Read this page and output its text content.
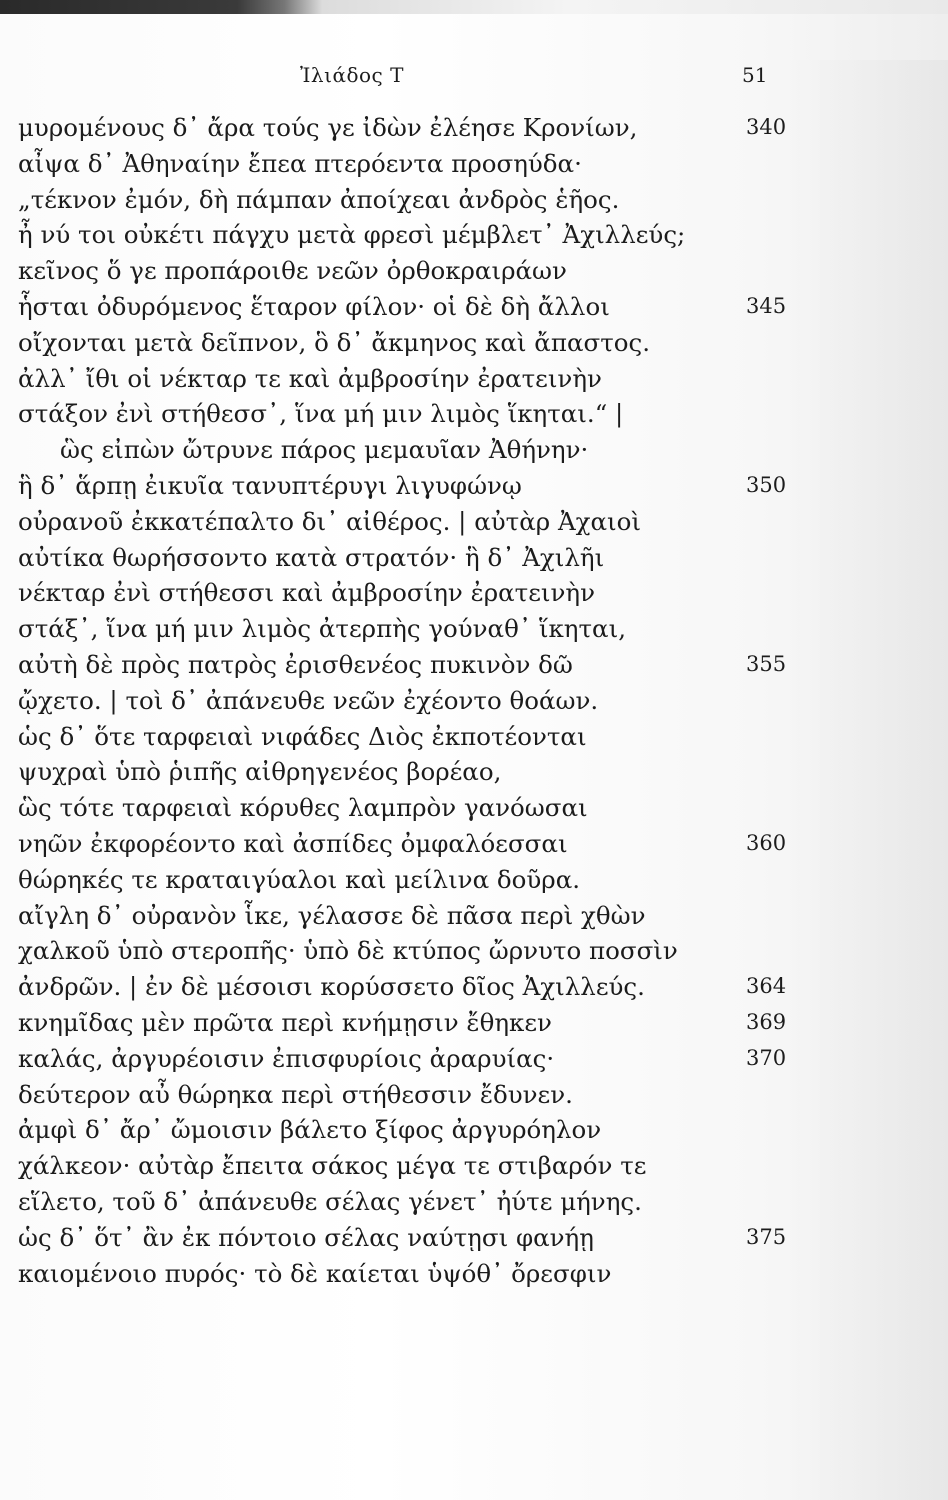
Ἰλιάδος Τ	51
μυρομένους δ᾽ ἄρα τούς γε ἰδὼν ἐλέησε Κρονίων,	340
αἶψα δ᾽ Ἀθηναίην ἔπεα πτερόεντα προσηύδα·
„τέκνον ἐμόν, δὴ πάμπαν ἀποίχεαι ἀνδρὸς ἑῆος.
ἦ νύ τοι οὐκέτι πάγχυ μετὰ φρεσὶ μέμβλετ᾽ Ἀχιλλεύς;
κεῖνος ὅ γε προπάροιθε νεῶν ὀρθοκραιράων
ἧσται ὀδυρόμενος ἕταρον φίλον· οἱ δὲ δὴ ἄλλοι	345
οἴχονται μετὰ δεῖπνον, ὃ δ᾽ ἄκμηνος καὶ ἄπαστος.
ἀλλ᾽ ἴθι οἱ νέκταρ τε καὶ ἀμβροσίην ἐρατεινὴν
στάξον ἐνὶ στήθεσσ᾽, ἵνα μή μιν λιμὸς ἵκηται.“ |
ὣς εἰπὼν ὤτρυνε πάρος μεμαυῖαν Ἀθήνην·
ἣ δ᾽ ἅρπῃ ἐικυῖα τανυπτέρυγι λιγυφώνῳ	350
οὐρανοῦ ἐκκατέπαλτο δι᾽ αἰθέρος. | αὐτὰρ Ἀχαιοὶ
αὐτίκα θωρήσσοντο κατὰ στρατόν· ἣ δ᾽ Ἀχιλῆι
νέκταρ ἐνὶ στήθεσσι καὶ ἀμβροσίην ἐρατεινὴν
στάξ᾽, ἵνα μή μιν λιμὸς ἀτερπὴς γούναθ᾽ ἵκηται,
αὐτὴ δὲ πρὸς πατρὸς ἐρισθενέος πυκινὸν δῶ	355
ᾤχετο. | τοὶ δ᾽ ἀπάνευθε νεῶν ἐχέοντο θοάων.
ὡς δ᾽ ὅτε ταρφειαὶ νιφάδες Διὸς ἐκποτέονται
ψυχραὶ ὑπὸ ῥιπῆς αἰθρηγενέος βορέαο,
ὣς τότε ταρφειαὶ κόρυθες λαμπρὸν γανόωσαι
νηῶν ἐκφορέοντο καὶ ἀσπίδες ὀμφαλόεσσαι	360
θώρηκές τε κραταιγύαλοι καὶ μείλινα δοῦρα.
αἴγλη δ᾽ οὐρανὸν ἷκε, γέλασσε δὲ πᾶσα περὶ χθὼν
χαλκοῦ ὑπὸ στεροπῆς· ὑπὸ δὲ κτύπος ὤρνυτο ποσσὶν
ἀνδρῶν. | ἐν δὲ μέσοισι κορύσσετο δῖος Ἀχιλλεύς.	364
κνημῖδας μὲν πρῶτα περὶ κνήμῃσιν ἔθηκεν	369
καλάς, ἀργυρέοισιν ἐπισφυρίοις ἀραρυίας·	370
δεύτερον αὖ θώρηκα περὶ στήθεσσιν ἔδυνεν.
ἀμφὶ δ᾽ ἄρ᾽ ὤμοισιν βάλετο ξίφος ἀργυρόηλον
χάλκεον· αὐτὰρ ἔπειτα σάκος μέγα τε στιβαρόν τε
εἵλετο, τοῦ δ᾽ ἀπάνευθε σέλας γένετ᾽ ἠύτε μήνης.
ὡς δ᾽ ὅτ᾽ ἂν ἐκ πόντοιο σέλας ναύτῃσι φανήῃ	375
καιομένοιο πυρός· τὸ δὲ καίεται ὑψόθ᾽ ὄρεσφιν
